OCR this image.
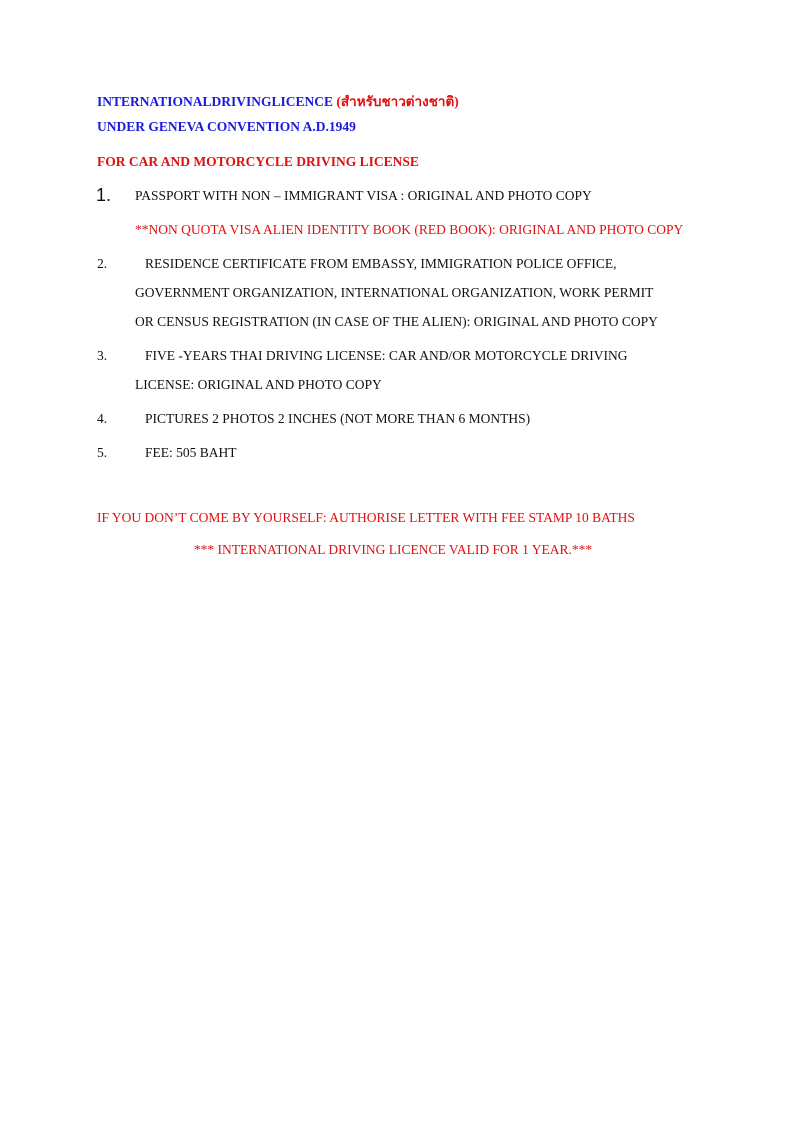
INTERNATIONALDRIVINGLICENCE (สำหรับชาวต่างชาติ)
UNDER GENEVA CONVENTION A.D.1949
FOR CAR AND MOTORCYCLE DRIVING LICENSE
1. PASSPORT WITH NON – IMMIGRANT VISA : ORIGINAL AND PHOTO COPY
**NON QUOTA VISA ALIEN IDENTITY BOOK (RED BOOK): ORIGINAL AND PHOTO COPY
2.	RESIDENCE CERTIFICATE FROM EMBASSY, IMMIGRATION POLICE OFFICE,
GOVERNMENT ORGANIZATION, INTERNATIONAL ORGANIZATION, WORK PERMIT
OR CENSUS REGISTRATION (IN CASE OF THE ALIEN): ORIGINAL AND PHOTO COPY
3.	FIVE -YEARS THAI DRIVING LICENSE: CAR AND/OR MOTORCYCLE DRIVING
LICENSE: ORIGINAL AND PHOTO COPY
4.	PICTURES 2 PHOTOS 2 INCHES (NOT MORE THAN 6 MONTHS)
5.	FEE: 505 BAHT
IF YOU DON’T COME BY YOURSELF: AUTHORISE LETTER WITH FEE STAMP 10 BATHS
*** INTERNATIONAL DRIVING LICENCE VALID FOR 1 YEAR.***
